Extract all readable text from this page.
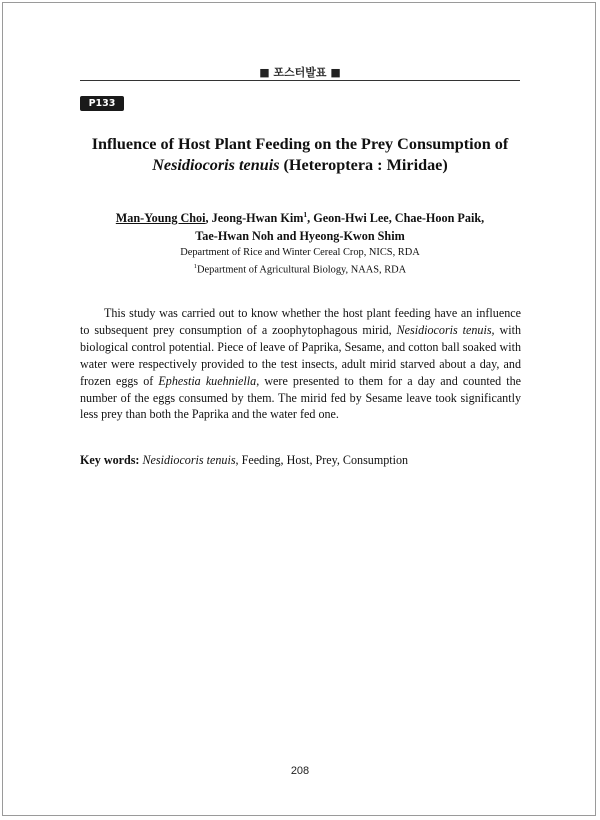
■ 포스터발표 ■
P133
Influence of Host Plant Feeding on the Prey Consumption of
Nesidiocoris tenuis (Heteroptera : Miridae)
Man-Young Choi, Jeong-Hwan Kim$^1$, Geon-Hwi Lee, Chae-Hoon Paik,
Tae-Hwan Noh and Hyeong-Kwon Shim
Department of Rice and Winter Cereal Crop, NICS, RDA
$^1$Department of Agricultural Biology, NAAS, RDA

This study was carried out to know whether the host plant feeding have an influence to subsequent prey consumption of a zoophytophagous mirid, Nesidiocoris tenuis, with biological control potential. Piece of leave of Paprika, Sesame, and cotton ball soaked with water were respectively provided to the test insects, adult mirid starved about a day, and frozen eggs of Ephestia kuehniella, were presented to them for a day and counted the number of the eggs consumed by them. The mirid fed by Sesame leave took significantly less prey than both the Paprika and the water fed one.

Key words: Nesidiocoris tenuis, Feeding, Host, Prey, Consumption

208
